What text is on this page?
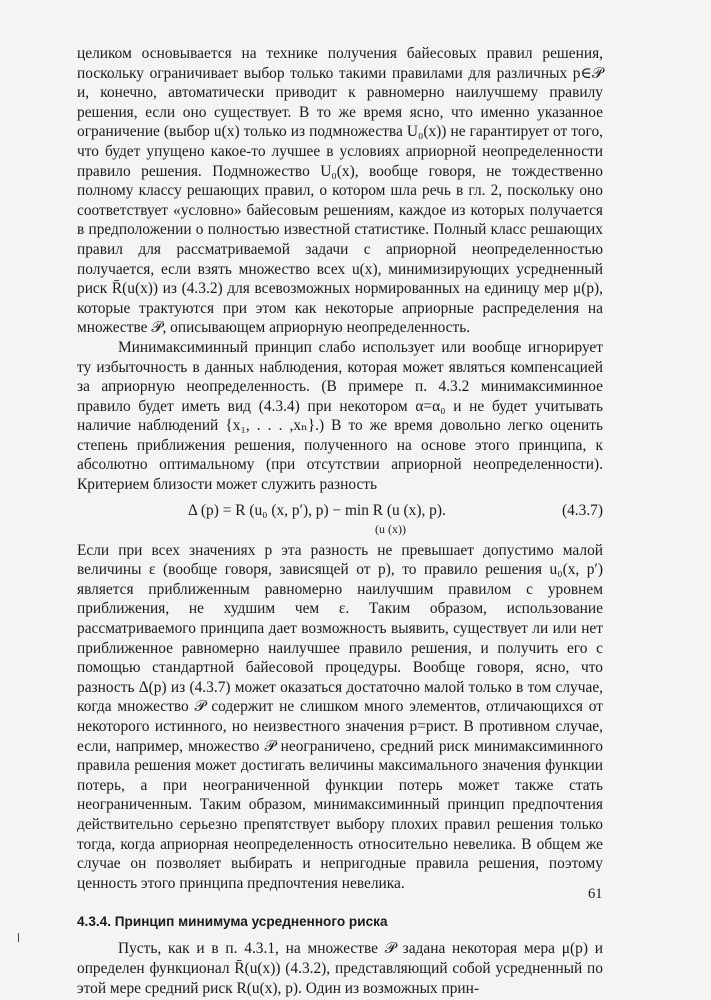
целиком основывается на технике получения байесовых правил решения, поскольку ограничивает выбор только такими правилами для различных p∈𝒫 и, конечно, автоматически приводит к равномерно наилучшему правилу решения, если оно существует. В то же время ясно, что именно указанное ограничение (выбор u(x) только из подмножества U₀(x)) не гарантирует от того, что будет упущено какое-то лучшее в условиях априорной неопределенности правило решения. Подмножество U₀(x), вообще говоря, не тождественно полному классу решающих правил, о котором шла речь в гл. 2, поскольку оно соответствует «условно» байесовым решениям, каждое из которых получается в предположении о полностью известной статистике. Полный класс решающих правил для рассматриваемой задачи с априорной неопределенностью получается, если взять множество всех u(x), минимизирующих усредненный риск R̄(u(x)) из (4.3.2) для всевозможных нормированных на единицу мер μ(p), которые трактуются при этом как некоторые априорные распределения на множестве 𝒫, описывающем априорную неопределенность.

Минимаксиминный принцип слабо использует или вообще игнорирует ту избыточность в данных наблюдения, которая может являться компенсацией за априорную неопределенность. (В примере п. 4.3.2 минимаксиминное правило будет иметь вид (4.3.4) при некотором α=α₀ и не будет учитывать наличие наблюдений {x₁, . . . ,xₙ}.) В то же время довольно легко оценить степень приближения решения, полученного на основе этого принципа, к абсолютно оптимальному (при отсутствии априорной неопределенности). Критерием близости может служить разность

Δ (p) = R (u₀ (x, p′), p) − min R (u (x), p).
(u (x))
(4.3.7)

Если при всех значениях p эта разность не превышает допустимо малой величины ε (вообще говоря, зависящей от p), то правило решения u₀(x, p′) является приближенным равномерно наилучшим правилом с уровнем приближения, не худшим чем ε. Таким образом, использование рассматриваемого принципа дает возможность выявить, существует ли или нет приближенное равномерно наилучшее правило решения, и получить его с помощью стандартной байесовой процедуры. Вообще говоря, ясно, что разность Δ(p) из (4.3.7) может оказаться достаточно малой только в том случае, когда множество 𝒫 содержит не слишком много элементов, отличающихся от некоторого истинного, но неизвестного значения p=pист. В противном случае, если, например, множество 𝒫 неограничено, средний риск минимаксиминного правила решения может достигать величины максимального значения функции потерь, а при неограниченной функции потерь может также стать неограниченным. Таким образом, минимаксиминный принцип предпочтения действительно серьезно препятствует выбору плохих правил решения только тогда, когда априорная неопределенность относительно невелика. В общем же случае он позволяет выбирать и непригодные правила решения, поэтому ценность этого принципа предпочтения невелика.

4.3.4. Принцип минимума усредненного риска

Пусть, как и в п. 4.3.1, на множестве 𝒫 задана некоторая мера μ(p) и определен функционал R̄(u(x)) (4.3.2), представляющий собой усредненный по этой мере средний риск R(u(x), p). Один из возможных прин-

61
